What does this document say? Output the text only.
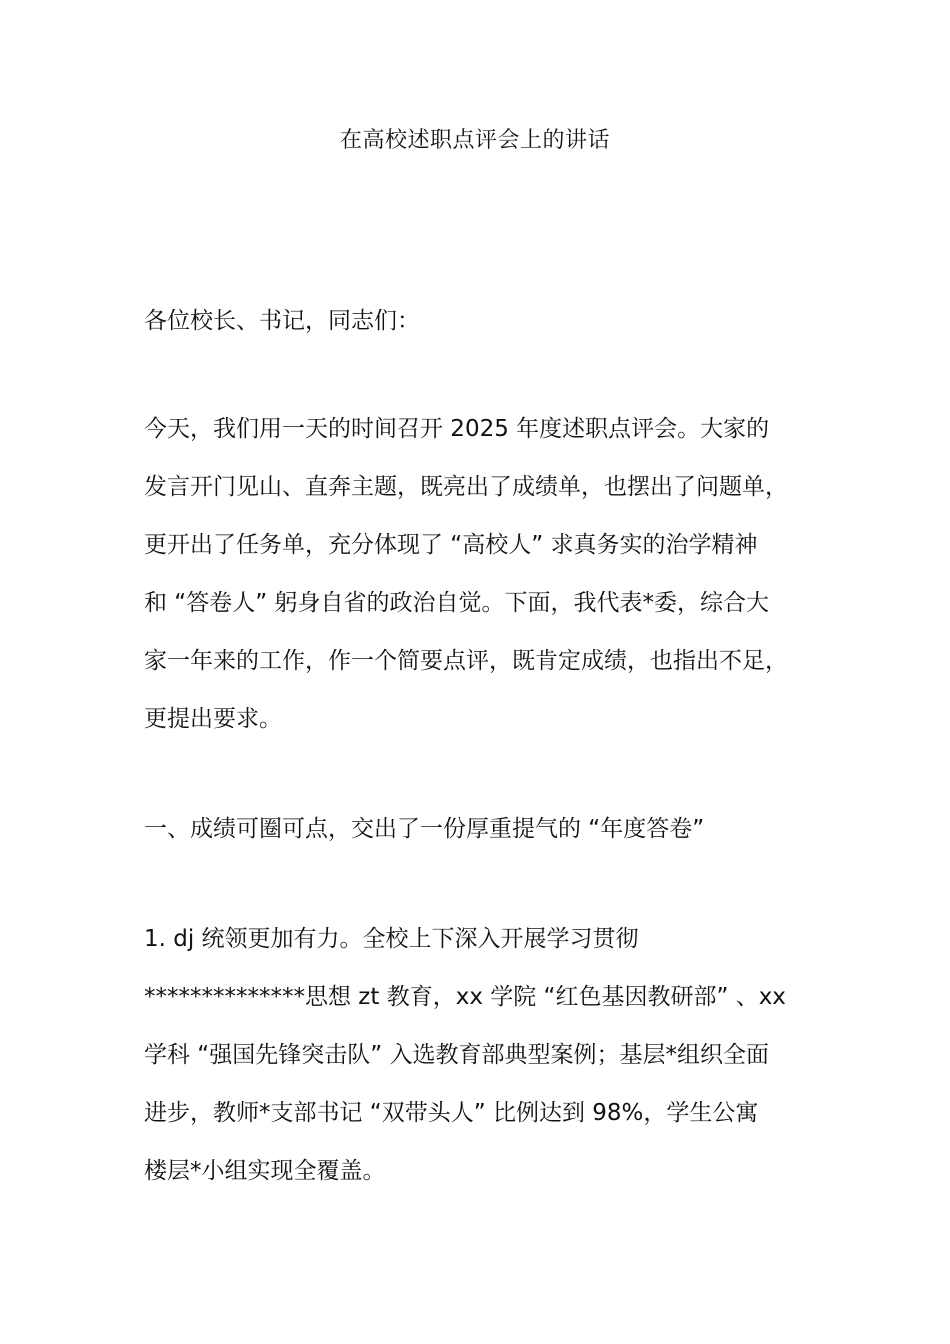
在高校述职点评会上的讲话

各位校长、书记，同志们：

今天，我们用一天的时间召开 2025 年度述职点评会。大家的
发言开门见山、直奔主题，既亮出了成绩单，也摆出了问题单，
更开出了任务单，充分体现了 “高校人” 求真务实的治学精神
和 “答卷人” 躬身自省的政治自觉。下面，我代表*委，综合大
家一年来的工作，作一个简要点评，既肯定成绩，也指出不足，
更提出要求。

一、成绩可圈可点，交出了一份厚重提气的 “年度答卷”

1. dj 统领更加有力。全校上下深入开展学习贯彻
**************思想 zt 教育，xx 学院 “红色基因教研部” 、xx
学科 “强国先锋突击队” 入选教育部典型案例；基层*组织全面
进步，教师*支部书记 “双带头人” 比例达到 98%，学生公寓
楼层*小组实现全覆盖。
